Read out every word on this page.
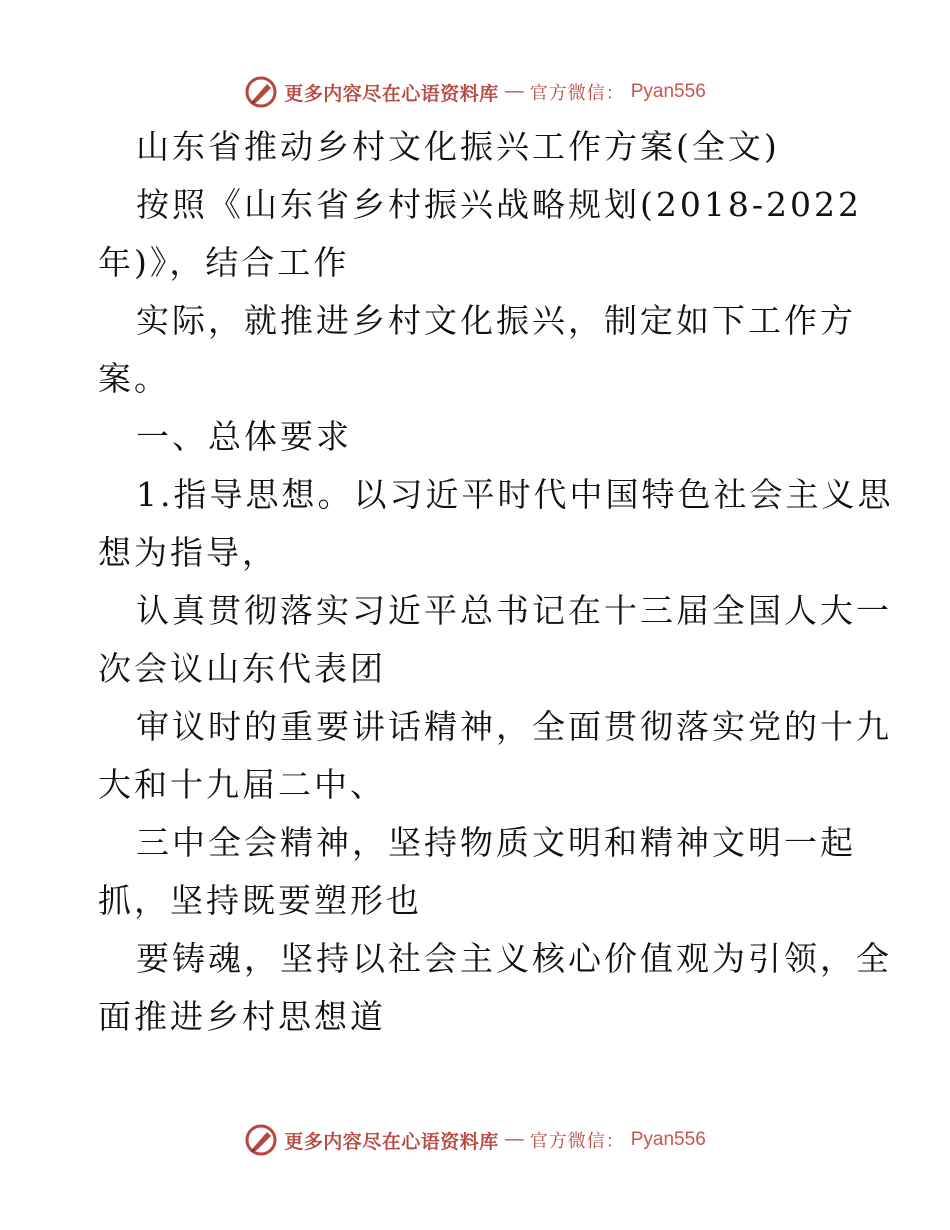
更多内容尽在心语资料库 — 官方微信： Pyan556
山东省推动乡村文化振兴工作方案(全文)
按照《山东省乡村振兴战略规划(2018-2022
年)》，结合工作
实际，就推进乡村文化振兴，制定如下工作方
案。
一、总体要求
1.指导思想。以习近平时代中国特色社会主义思
想为指导，
认真贯彻落实习近平总书记在十三届全国人大一
次会议山东代表团
审议时的重要讲话精神，全面贯彻落实党的十九
大和十九届二中、
三中全会精神，坚持物质文明和精神文明一起
抓，坚持既要塑形也
要铸魂，坚持以社会主义核心价值观为引领，全
面推进乡村思想道
更多内容尽在心语资料库 — 官方微信： Pyan556
